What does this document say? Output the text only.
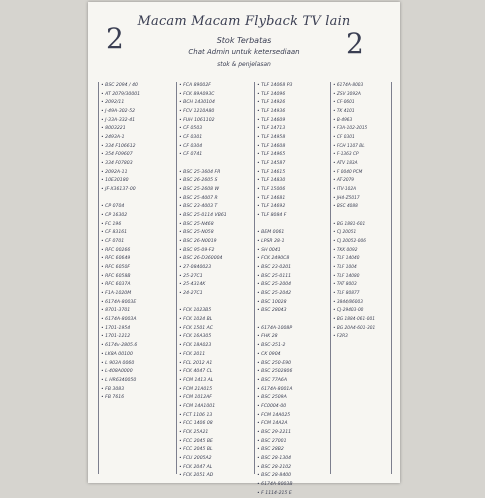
2	2
Macam Macam Flyback TV lain
Stok Terbatas
Chat Admin untuk ketersediaan
stok & penjelasan
• BSC 2094 / 40
• AT 2079/30001
• 2092/11
• J-49A-302-52
• J-33A-332-41
• 8003221
• 2493A-1
• 334 F106612
• 354 F09607
• 334 F07803
• 2092A-11
• 10E30180
• JF-X36137-00
• CP 0704
• CP 16302
• FC 196
• CF 83161
• CF 0701
• RFC 00266
• RFC 60649
• RFC 6050F
• RFC 6058B
• RFC 6037A
• F1A-1020M
• 6174A-8003E
• 8701-3701
• 6174A-8003A
• 1701-1954
• 1701-1212
• 6174v-2805.6
• LK8A 00100
• L 903A 0060
• L-408A0000
• L HR6340050
• FB 3083
• FB 7616
• FCA 89002F
• FCK 89A093C
• BCH 1430104
• FCV 1210A80
• FUH 1061102
• CF 0503
• CF 0301
• CF 0304
• CF 0741
• BSC 25-3604 FR
• BSC 26-2605 S
• BSC 25-2608 W
• BSC 25-4007 R
• BSC 23-4003 T
• BSC 25-0114 VB61
• BSC 25-N468
• BSC 25-N058
• BSC 26-N0019
• BSC 95-09-F2
• BSC 26-D360004
• 27-0840023
• 25-27C1
• 25-4314K
• 24-27C1
• FCK 1023B5
• FCK 1024 BL
• FCK 1501 AC
• FCK 16A305
• FCK 18A023
• FCK 2011
• FCL 2012 A1
• FCK 4047 CL
• FCM 1413 AL
• FCM 21A015
• FCM 1012AF
• FCM 14A1001
• FCT 1106 13
• FCC 1406 08
• FCK 25A21
• FCC 2045 BE
• FCC 2045 BL
• FCU 2005A2
• FCK 2047 AL
• FCK 2051 AD
• TLF 14068 P3
• TLF 14096
• TLF 14926
• TLF 14936
• TLF 14609
• TLF 14713
• TLF 14958
• TLF 14608
• TLF 14965
• TLF 14587
• TLF 14615
• TLF 14830
• TLF 15006
• TLF 14681
• TLF 14692
• TLF 8084 F
• BEM 0061
• LPSR 28-1
• SH 0041
• FCK 2490C8
• BSC 23-0201
• BSC 25-0111
• BSC 25-2004
• BSC 25-2042
• BSC 10028
• BSC 28043
• 6174A-1008P
• FHK 28
• BSC-251-2
• CK 0904
• BSC 250-E90
• BSC 2502806
• BSC 77A6A
• 6174A-8001A
• BSC 2509A
• FC0004-00
• FCM 14A025
• FCM 14A2A
• BSC 29-2211
• BSC 27001
• BSC 28B2
• BSC 28-1304
• BSC 28-2102
• BSC 28-8400
• 6174A-8003B
• F 1114-215 E
• 6174A-8003
• ZSV 3092A
• CF-0601
• TK 4101
• B-4963
• F3A-102-2015
• CF 0301
• FCH 1107 BL
• F-1363 CP
• ATV 183A
• F 0040 PCM
• AT-2079
• ITV-102A
• JH4-Z5017
• BSC 4088
• BG 1881-601
• CJ 20051
• CJ 20052-006
• TKK 0092
• TLF 14040
• TLF 1004
• TLF 14080
• TAT 8003
• TLF 80877
• 3844/86003
• CJ-29403-00
• BG 1884-061-001
• BG 20A4-601-301
• F2R3
